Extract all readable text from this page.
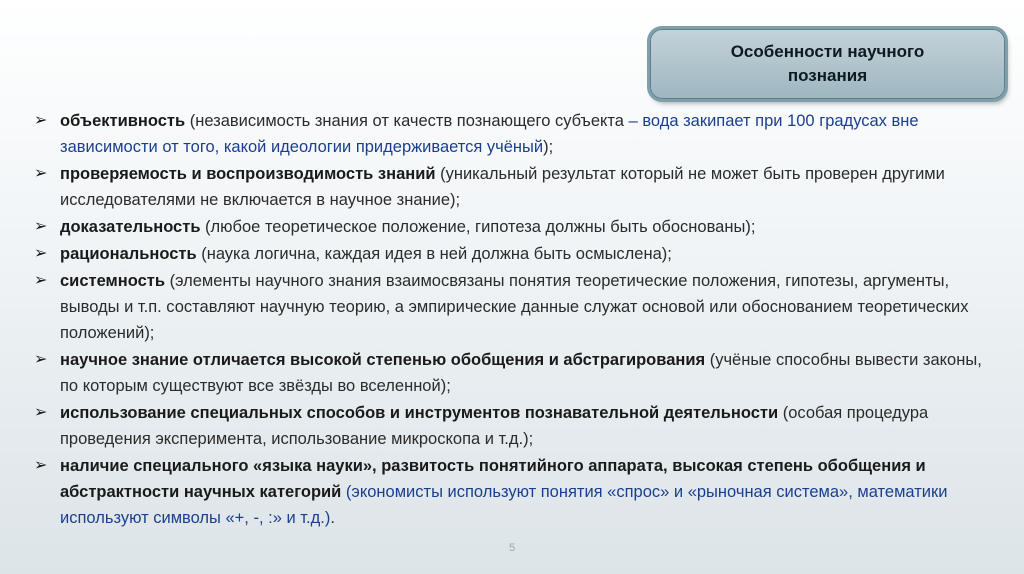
Особенности научного познания
➢ объективность (независимость знания от качеств познающего субъекта – вода закипает при 100 градусах вне зависимости от того, какой идеологии придерживается учёный);
➢ проверяемость и воспроизводимость знаний (уникальный результат который не может быть проверен другими исследователями не включается в научное знание);
➢ доказательность (любое теоретическое положение, гипотеза должны быть обоснованы);
➢ рациональность (наука логична, каждая идея в ней должна быть осмыслена);
➢ системность (элементы научного знания взаимосвязаны понятия теоретические положения, гипотезы, аргументы, выводы и т.п. составляют научную теорию, а эмпирические данные служат основой или обоснованием теоретических положений);
➢ научное знание отличается высокой степенью обобщения и абстрагирования (учёные способны вывести законы, по которым существуют все звёзды во вселенной);
➢ использование специальных способов и инструментов познавательной деятельности (особая процедура проведения эксперимента, использование микроскопа и т.д.);
➢ наличие специального «языка науки», развитость понятийного аппарата, высокая степень обобщения и абстрактности научных категорий (экономисты используют понятия «спрос» и «рыночная система», математики используют символы «+, -, :» и т.д.).
5
